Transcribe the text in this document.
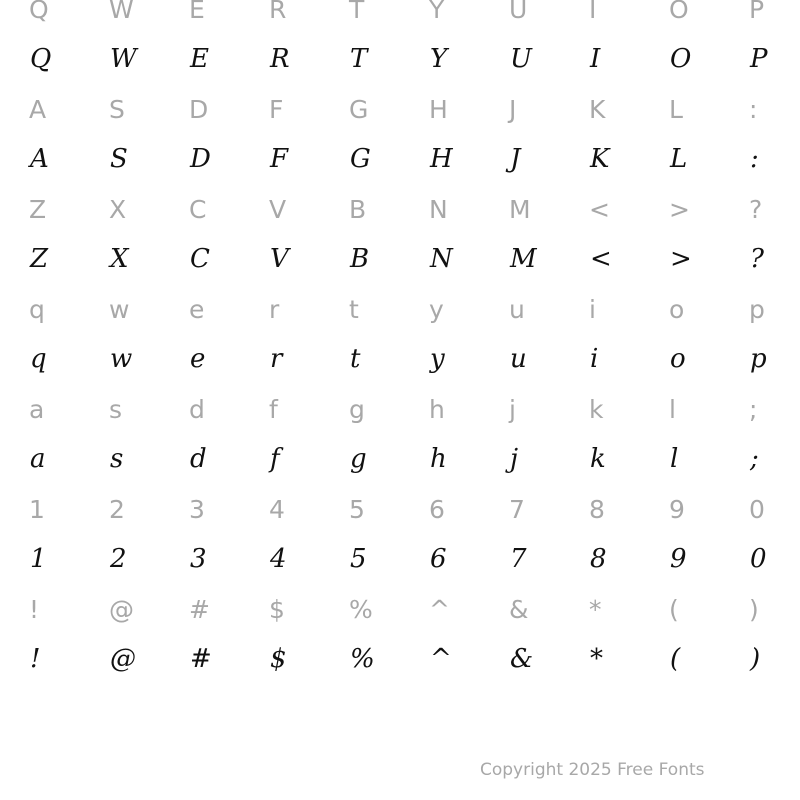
Q	W	E	R	T	Y	U	I	O	P
Q	W	E	R	T	Y	U	I	O	P
A	S	D	F	G	H	J	K	L	:
A	S	D	F	G	H	J	K	L	:
Z	X	C	V	B	N	M	<	>	?
Z	X	C	V	B	N	M	<	>	?
q	w	e	r	t	y	u	i	o	p
q	w	e	r	t	y	u	i	o	p
a	s	d	f	g	h	j	k	l	;
a	s	d	f	g	h	j	k	l	;
1	2	3	4	5	6	7	8	9	0
1	2	3	4	5	6	7	8	9	0
!	@	#	$	%	^	&	*	(	)
!	@	#	$	%	^	&	*	(	)
Copyright 2025 Free Fonts
